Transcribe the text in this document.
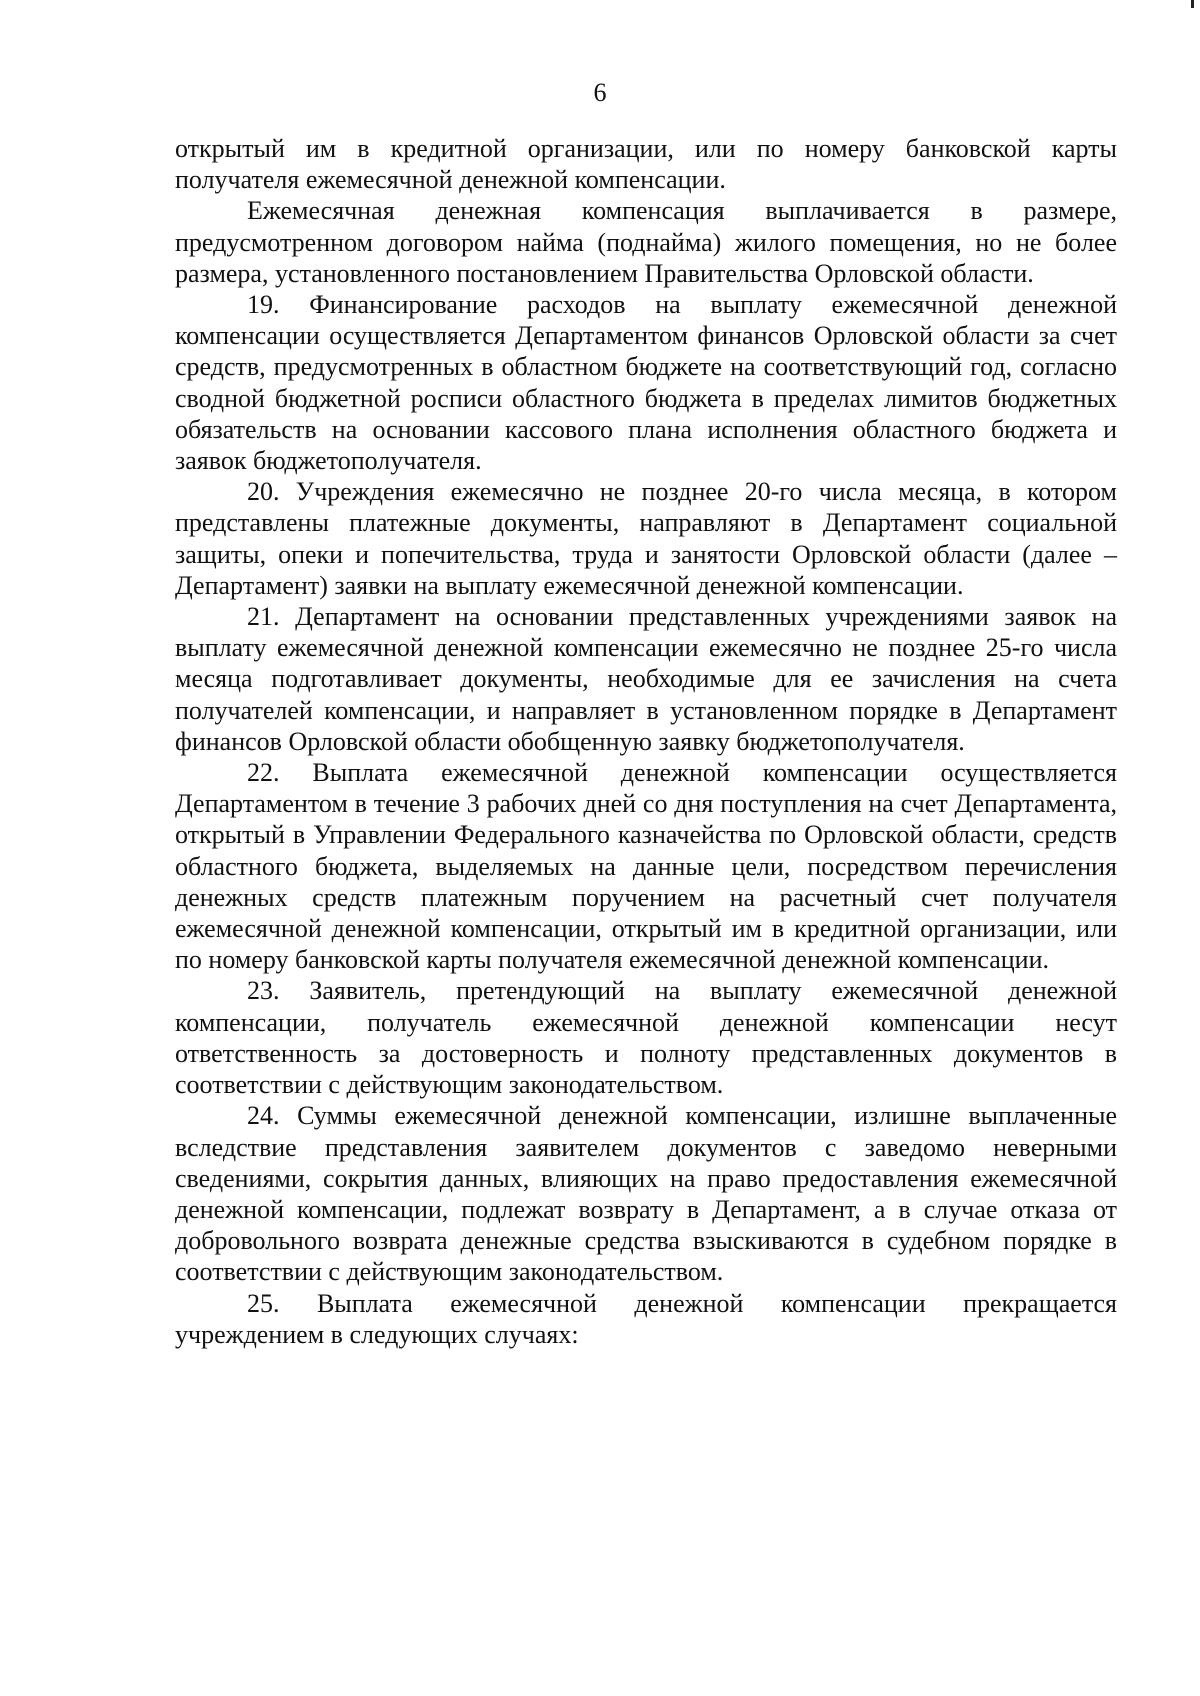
6

открытый им в кредитной организации, или по номеру банковской карты получателя ежемесячной денежной компенсации.

Ежемесячная денежная компенсация выплачивается в размере, предусмотренном договором найма (поднайма) жилого помещения, но не более размера, установленного постановлением Правительства Орловской области.

19. Финансирование расходов на выплату ежемесячной денежной компенсации осуществляется Департаментом финансов Орловской области за счет средств, предусмотренных в областном бюджете на соответствующий год, согласно сводной бюджетной росписи областного бюджета в пределах лимитов бюджетных обязательств на основании кассового плана исполнения областного бюджета и заявок бюджетополучателя.

20. Учреждения ежемесячно не позднее 20-го числа месяца, в котором представлены платежные документы, направляют в Департамент социальной защиты, опеки и попечительства, труда и занятости Орловской области (далее – Департамент) заявки на выплату ежемесячной денежной компенсации.

21. Департамент на основании представленных учреждениями заявок на выплату ежемесячной денежной компенсации ежемесячно не позднее 25-го числа месяца подготавливает документы, необходимые для ее зачисления на счета получателей компенсации, и направляет в установленном порядке в Департамент финансов Орловской области обобщенную заявку бюджетополучателя.

22. Выплата ежемесячной денежной компенсации осуществляется Департаментом в течение 3 рабочих дней со дня поступления на счет Департамента, открытый в Управлении Федерального казначейства по Орловской области, средств областного бюджета, выделяемых на данные цели, посредством перечисления денежных средств платежным поручением на расчетный счет получателя ежемесячной денежной компенсации, открытый им в кредитной организации, или по номеру банковской карты получателя ежемесячной денежной компенсации.

23. Заявитель, претендующий на выплату ежемесячной денежной компенсации, получатель ежемесячной денежной компенсации несут ответственность за достоверность и полноту представленных документов в соответствии с действующим законодательством.

24. Суммы ежемесячной денежной компенсации, излишне выплаченные вследствие представления заявителем документов с заведомо неверными сведениями, сокрытия данных, влияющих на право предоставления ежемесячной денежной компенсации, подлежат возврату в Департамент, а в случае отказа от добровольного возврата денежные средства взыскиваются в судебном порядке в соответствии с действующим законодательством.

25. Выплата ежемесячной денежной компенсации прекращается учреждением в следующих случаях:
